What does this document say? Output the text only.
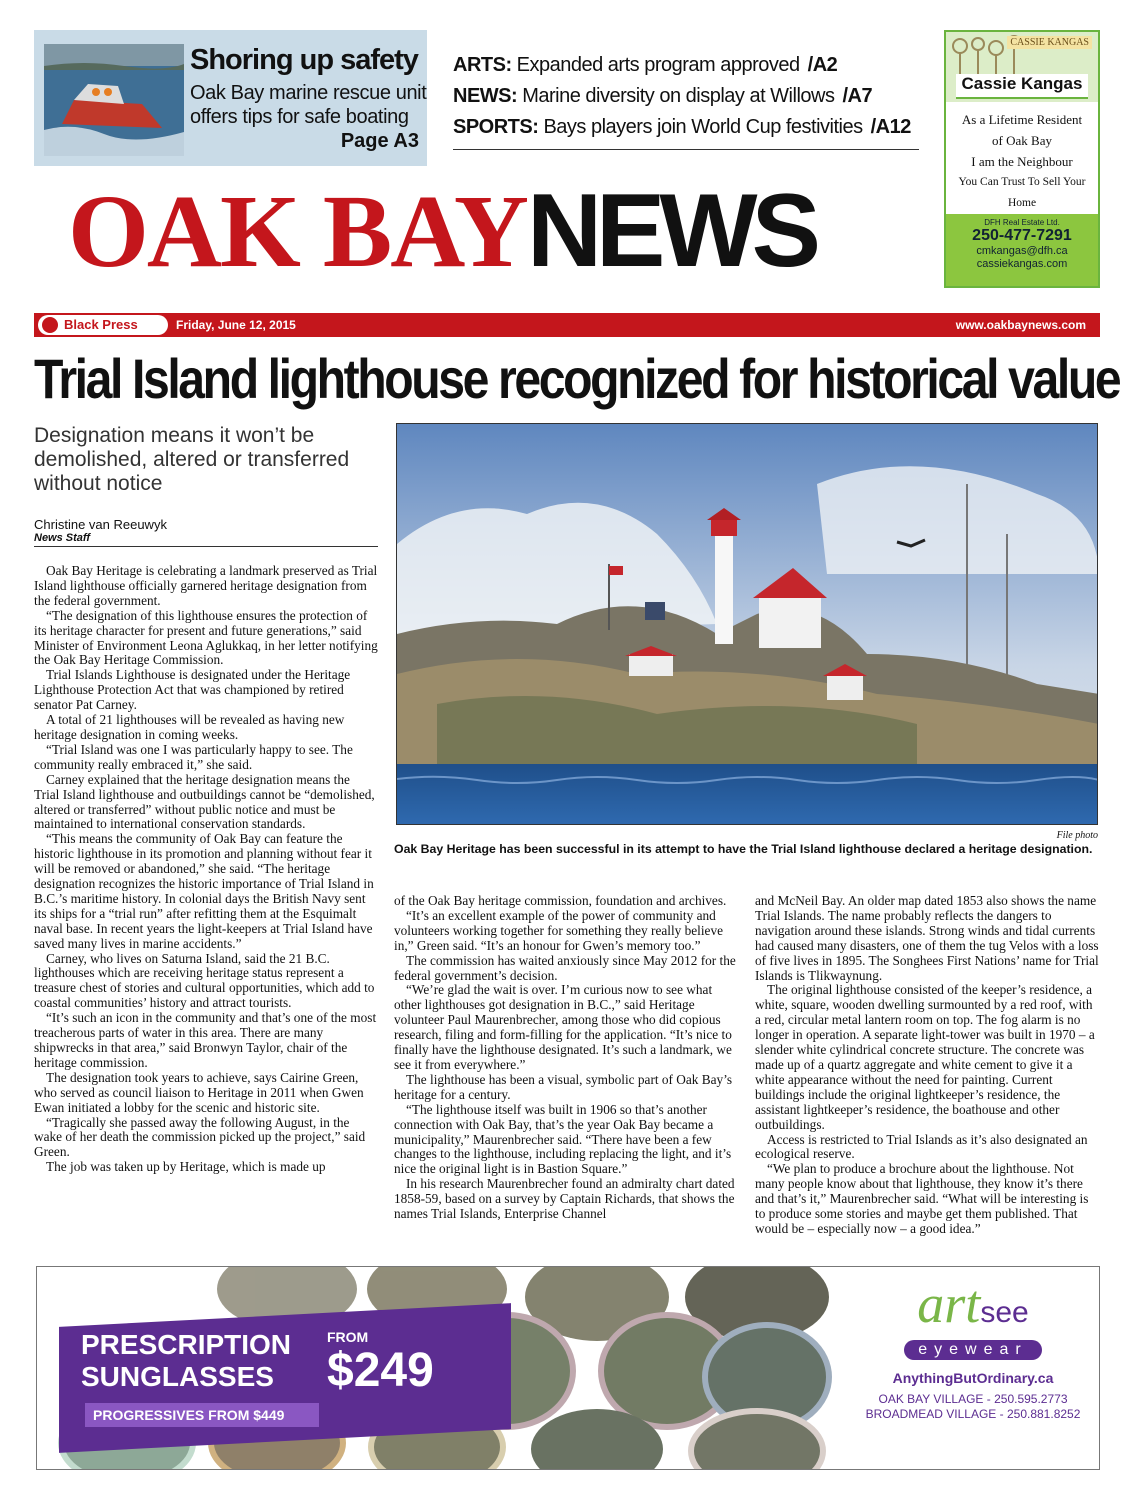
Shoring up safety
Oak Bay marine rescue unit
offers tips for safe boating
Page A3
ARTS: Expanded arts program approved /A2
NEWS: Marine diversity on display at Willows /A7
SPORTS: Bays players join World Cup festivities /A12
OAK BAYNEWS
CASSIE KANGAS
Cassie Kangas
As a Lifetime Resident
of Oak Bay
I am the Neighbour
You Can Trust To Sell Your Home
DFH Real Estate Ltd.
250-477-7291
cmkangas@dfh.ca
cassiekangas.com
Black Press	Friday, June 12, 2015	www.oakbaynews.com
Trial Island lighthouse recognized for historical value
Designation means it won’t be demolished, altered or transferred without notice
Christine van Reeuwyk
News Staff

Oak Bay Heritage is celebrating a landmark preserved as Trial Island lighthouse officially garnered heritage designation from the federal government.

“The designation of this lighthouse ensures the protection of its heritage character for present and future generations,” said Minister of Environment Leona Aglukkaq, in her letter notifying the Oak Bay Heritage Commission.

Trial Islands Lighthouse is designated under the Heritage Lighthouse Protection Act that was championed by retired senator Pat Carney.

A total of 21 lighthouses will be revealed as having new heritage designation in coming weeks.

“Trial Island was one I was particularly happy to see. The community really embraced it,” she said.

Carney explained that the heritage designation means the Trial Island lighthouse and outbuildings cannot be “demolished, altered or transferred” without public notice and must be maintained to international conservation standards.

“This means the community of Oak Bay can feature the historic lighthouse in its promotion and planning without fear it will be removed or abandoned,” she said. “The heritage designation recognizes the historic importance of Trial Island in B.C.’s maritime history. In colonial days the British Navy sent its ships for a “trial run” after refitting them at the Esquimalt naval base. In recent years the light-keepers at Trial Island have saved many lives in marine accidents.”

Carney, who lives on Saturna Island, said the 21 B.C. lighthouses which are receiving heritage status represent a treasure chest of stories and cultural opportunities, which add to coastal communities’ history and attract tourists.

“It’s such an icon in the community and that’s one of the most treacherous parts of water in this area. There are many shipwrecks in that area,” said Bronwyn Taylor, chair of the heritage commission.

The designation took years to achieve, says Cairine Green, who served as council liaison to Heritage in 2011 when Gwen Ewan initiated a lobby for the scenic and historic site.

“Tragically she passed away the following August, in the wake of her death the commission picked up the project,” said Green.

The job was taken up by Heritage, which is made up

File photo
Oak Bay Heritage has been successful in its attempt to have the Trial Island lighthouse declared a heritage designation.

of the Oak Bay heritage commission, foundation and archives.

“It’s an excellent example of the power of community and volunteers working together for something they really believe in,” Green said. “It’s an honour for Gwen’s memory too.”

The commission has waited anxiously since May 2012 for the federal government’s decision.

“We’re glad the wait is over. I’m curious now to see what other lighthouses got designation in B.C.,” said Heritage volunteer Paul Maurenbrecher, among those who did copious research, filing and form-filling for the application. “It’s nice to finally have the lighthouse designated. It’s such a landmark, we see it from everywhere.”

The lighthouse has been a visual, symbolic part of Oak Bay’s heritage for a century.

“The lighthouse itself was built in 1906 so that’s another connection with Oak Bay, that’s the year Oak Bay became a municipality,” Maurenbrecher said. “There have been a few changes to the lighthouse, including replacing the light, and it’s nice the original light is in Bastion Square.”

In his research Maurenbrecher found an admiralty chart dated 1858-59, based on a survey by Captain Richards, that shows the names Trial Islands, Enterprise Channel

and McNeil Bay. An older map dated 1853 also shows the name Trial Islands. The name probably reflects the dangers to navigation around these islands. Strong winds and tidal currents had caused many disasters, one of them the tug Velos with a loss of five lives in 1895. The Songhees First Nations’ name for Trial Islands is Tlikwaynung.

The original lighthouse consisted of the keeper’s residence, a white, square, wooden dwelling surmounted by a red roof, with a red, circular metal lantern room on top. The fog alarm is no longer in operation. A separate light-tower was built in 1970 – a slender white cylindrical concrete structure. The concrete was made up of a quartz aggregate and white cement to give it a white appearance without the need for painting. Current buildings include the original lightkeeper’s residence, the assistant lightkeeper’s residence, the boathouse and other outbuildings.

Access is restricted to Trial Islands as it’s also designated an ecological reserve.

“We plan to produce a brochure about the lighthouse. Not many people know about that lighthouse, they know it’s there and that’s it,” Maurenbrecher said. “What will be interesting is to produce some stories and maybe get them published. That would be – especially now – a good idea.”

PRESCRIPTION
SUNGLASSES
FROM
$249
PROGRESSIVES FROM $449
artsee
eyewear
AnythingButOrdinary.ca
OAK BAY VILLAGE - 250.595.2773
BROADMEAD VILLAGE - 250.881.8252
